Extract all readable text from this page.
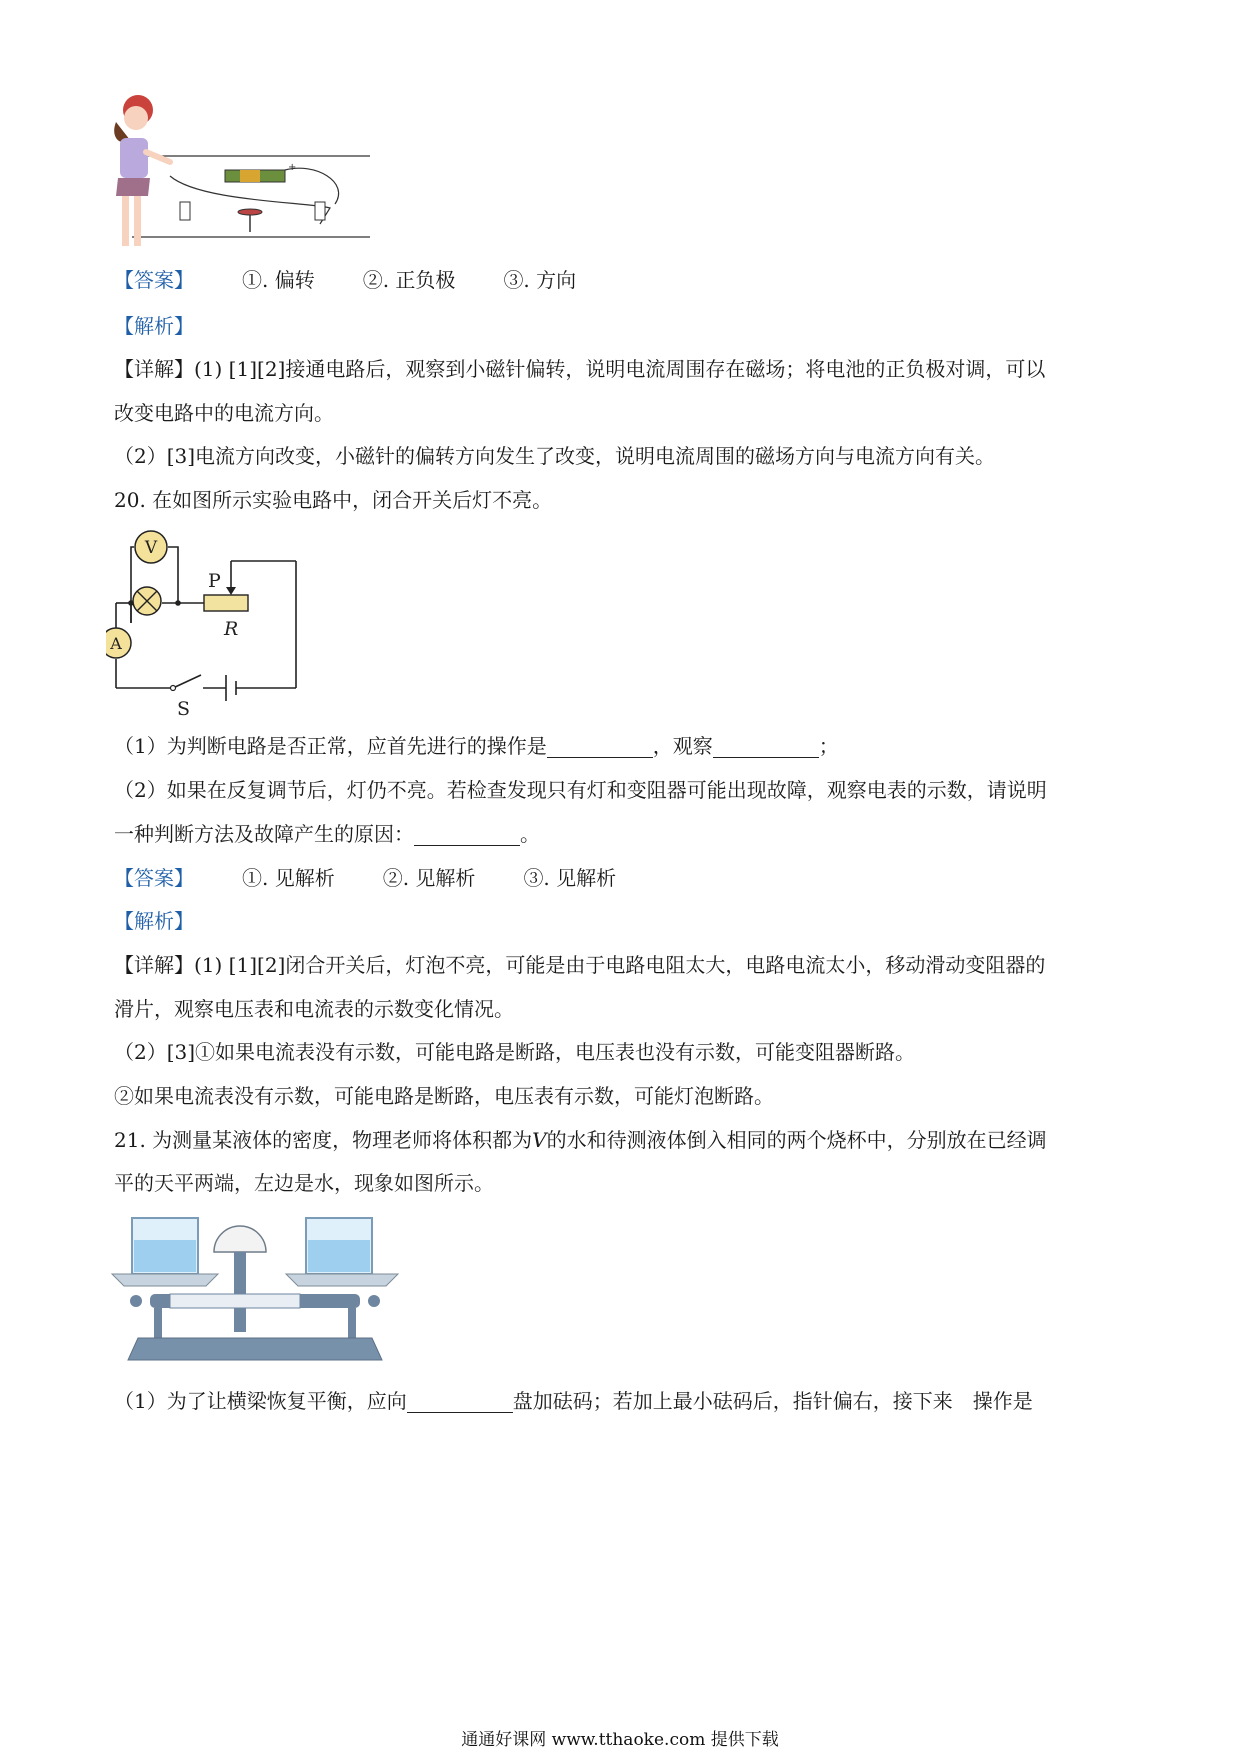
+
【答案】 ①. 偏转 ②. 正负极 ③. 方向
【解析】
【详解】(1) [1][2]接通电路后，观察到小磁针偏转，说明电流周围存在磁场；将电池的正负极对调，可以
改变电路中的电流方向。
（2）[3]电流方向改变，小磁针的偏转方向发生了改变，说明电流周围的磁场方向与电流方向有关。
20. 在如图所示实验电路中，闭合开关后灯不亮。
V
A
P
R
S
（1）为判断电路是否正常，应首先进行的操作是	，观察	；
（2）如果在反复调节后，灯仍不亮。若检查发现只有灯和变阻器可能出现故障，观察电表的示数，请说明
一种判断方法及故障产生的原因：	。
【答案】 ①. 见解析 ②. 见解析 ③. 见解析
【解析】
【详解】(1) [1][2]闭合开关后，灯泡不亮，可能是由于电路电阻太大，电路电流太小，移动滑动变阻器的
滑片，观察电压表和电流表的示数变化情况。
（2）[3]①如果电流表没有示数，可能电路是断路，电压表也没有示数，可能变阻器断路。
②如果电流表没有示数，可能电路是断路，电压表有示数，可能灯泡断路。
21. 为测量某液体的密度，物理老师将体积都为V的水和待测液体倒入相同的两个烧杯中，分别放在已经调
平的天平两端，左边是水，现象如图所示。
（1）为了让横梁恢复平衡，应向	盘加砝码；若加上最小砝码后，指针偏右，接下来　操作是
通通好课网 www.tthaoke.com 提供下载
